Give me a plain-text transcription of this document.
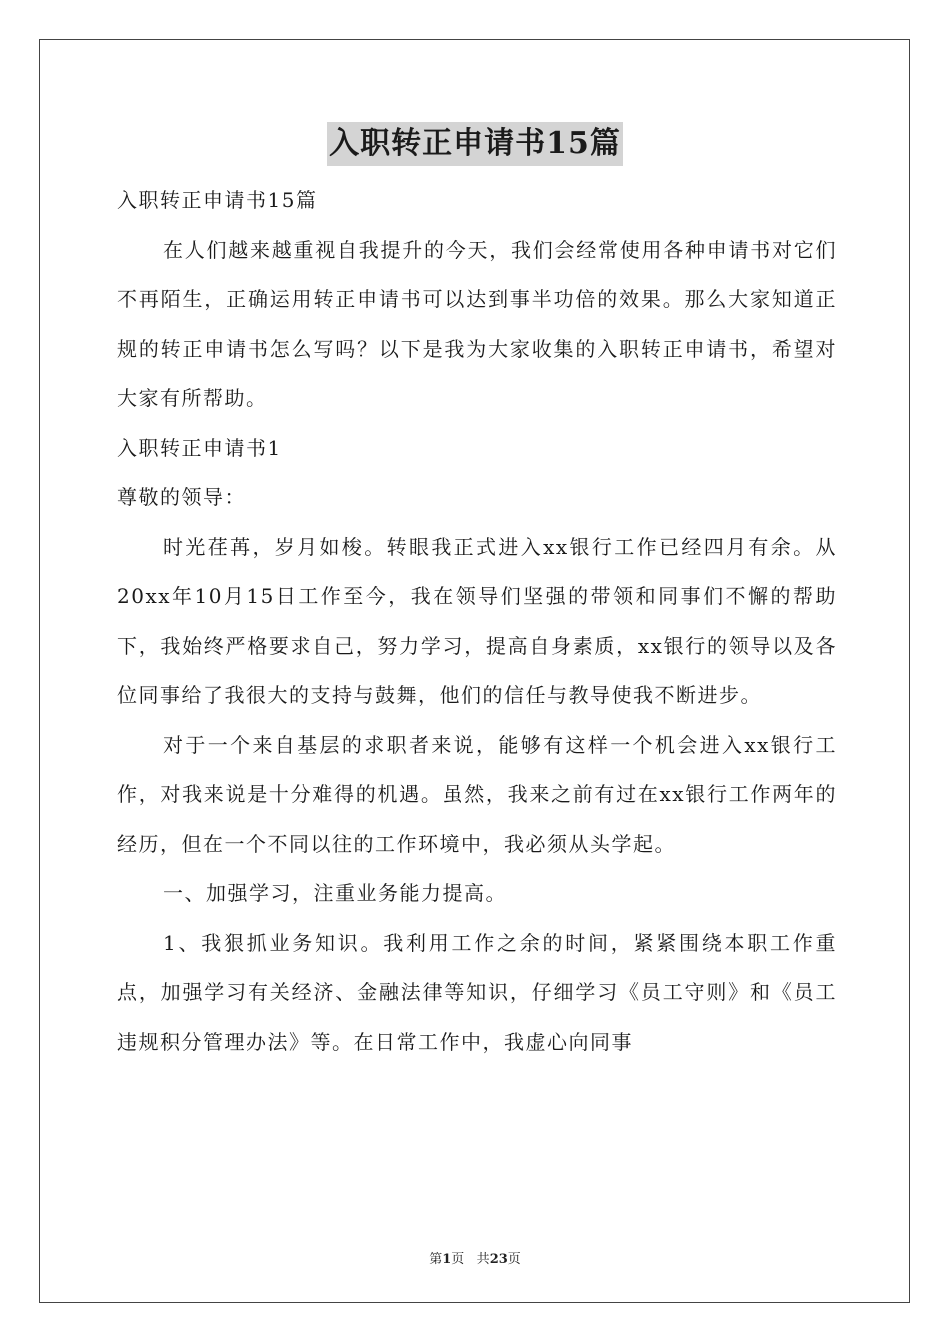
入职转正申请书15篇

入职转正申请书15篇

在人们越来越重视自我提升的今天，我们会经常使用各种申请书对它们不再陌生，正确运用转正申请书可以达到事半功倍的效果。那么大家知道正规的转正申请书怎么写吗？以下是我为大家收集的入职转正申请书，希望对大家有所帮助。

入职转正申请书1

尊敬的领导：

时光荏苒，岁月如梭。转眼我正式进入xx银行工作已经四月有余。从20xx年10月15日工作至今，我在领导们坚强的带领和同事们不懈的帮助下，我始终严格要求自己，努力学习，提高自身素质，xx银行的领导以及各位同事给了我很大的支持与鼓舞，他们的信任与教导使我不断进步。

对于一个来自基层的求职者来说，能够有这样一个机会进入xx银行工作，对我来说是十分难得的机遇。虽然，我来之前有过在xx银行工作两年的经历，但在一个不同以往的工作环境中，我必须从头学起。

一、加强学习，注重业务能力提高。

1、我狠抓业务知识。我利用工作之余的时间，紧紧围绕本职工作重点，加强学习有关经济、金融法律等知识，仔细学习《员工守则》和《员工违规积分管理办法》等。在日常工作中，我虚心向同事

第1页 共23页
